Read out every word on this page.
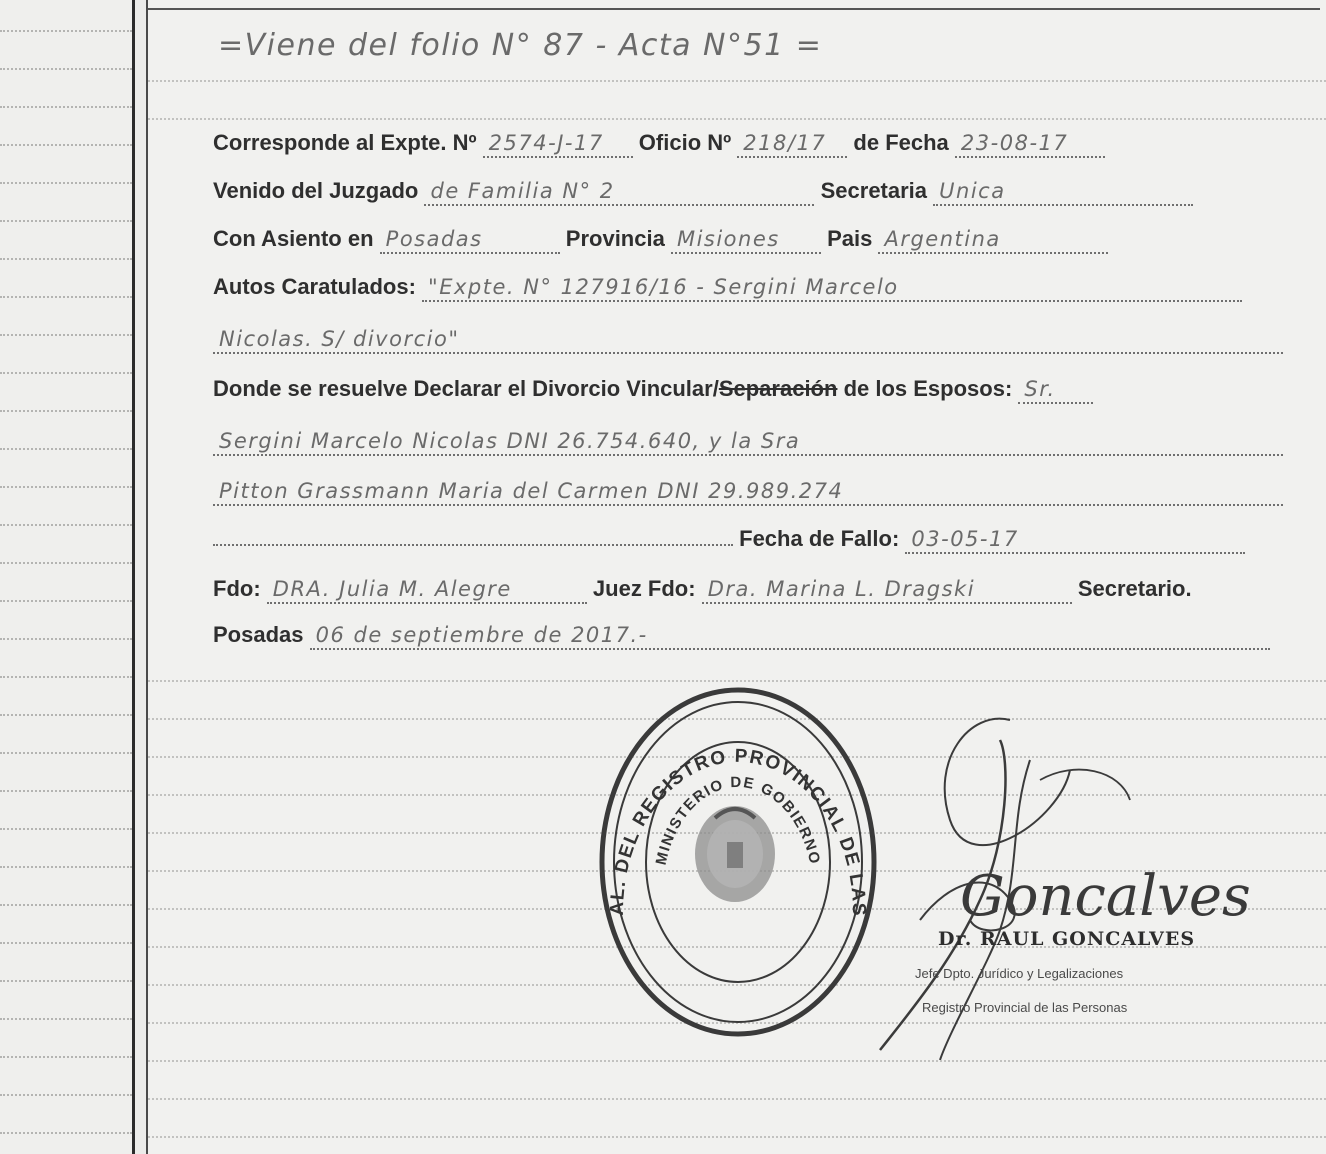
=Viene del folio N° 87 - Acta N°51 =
Corresponde al Expte. Nº 2574-J-17 Oficio Nº 218/17 de Fecha 23-08-17
Venido del Juzgado de Familia N° 2	Secretaria Unica
Con Asiento en Posadas	Provincia Misiones Pais Argentina
Autos Caratulados: "Expte. N° 127916/16 - Sergini Marcelo
Nicolas. S/ divorcio"
Donde se resuelve Declarar el Divorcio Vincular/Separación de los Esposos: Sr.
Sergini Marcelo Nicolas DNI 26.754.640, y la Sra
Pitton Grassmann Maria del Carmen DNI 29.989.274
Fecha de Fallo: 03-05-17
Fdo: DRA. Julia M. Alegre	Juez Fdo: Dra. Marina L. Dragski	Secretario.
Posadas 06 de septiembre de 2017.-
AL. DEL REGISTRO PROVINCIAL DE LAS
MINISTERIO DE GOBIERNO
Goncalves
Dr. RAUL GONCALVES
Jefe Dpto. Jurídico y Legalizaciones
Registro Provincial de las Personas
